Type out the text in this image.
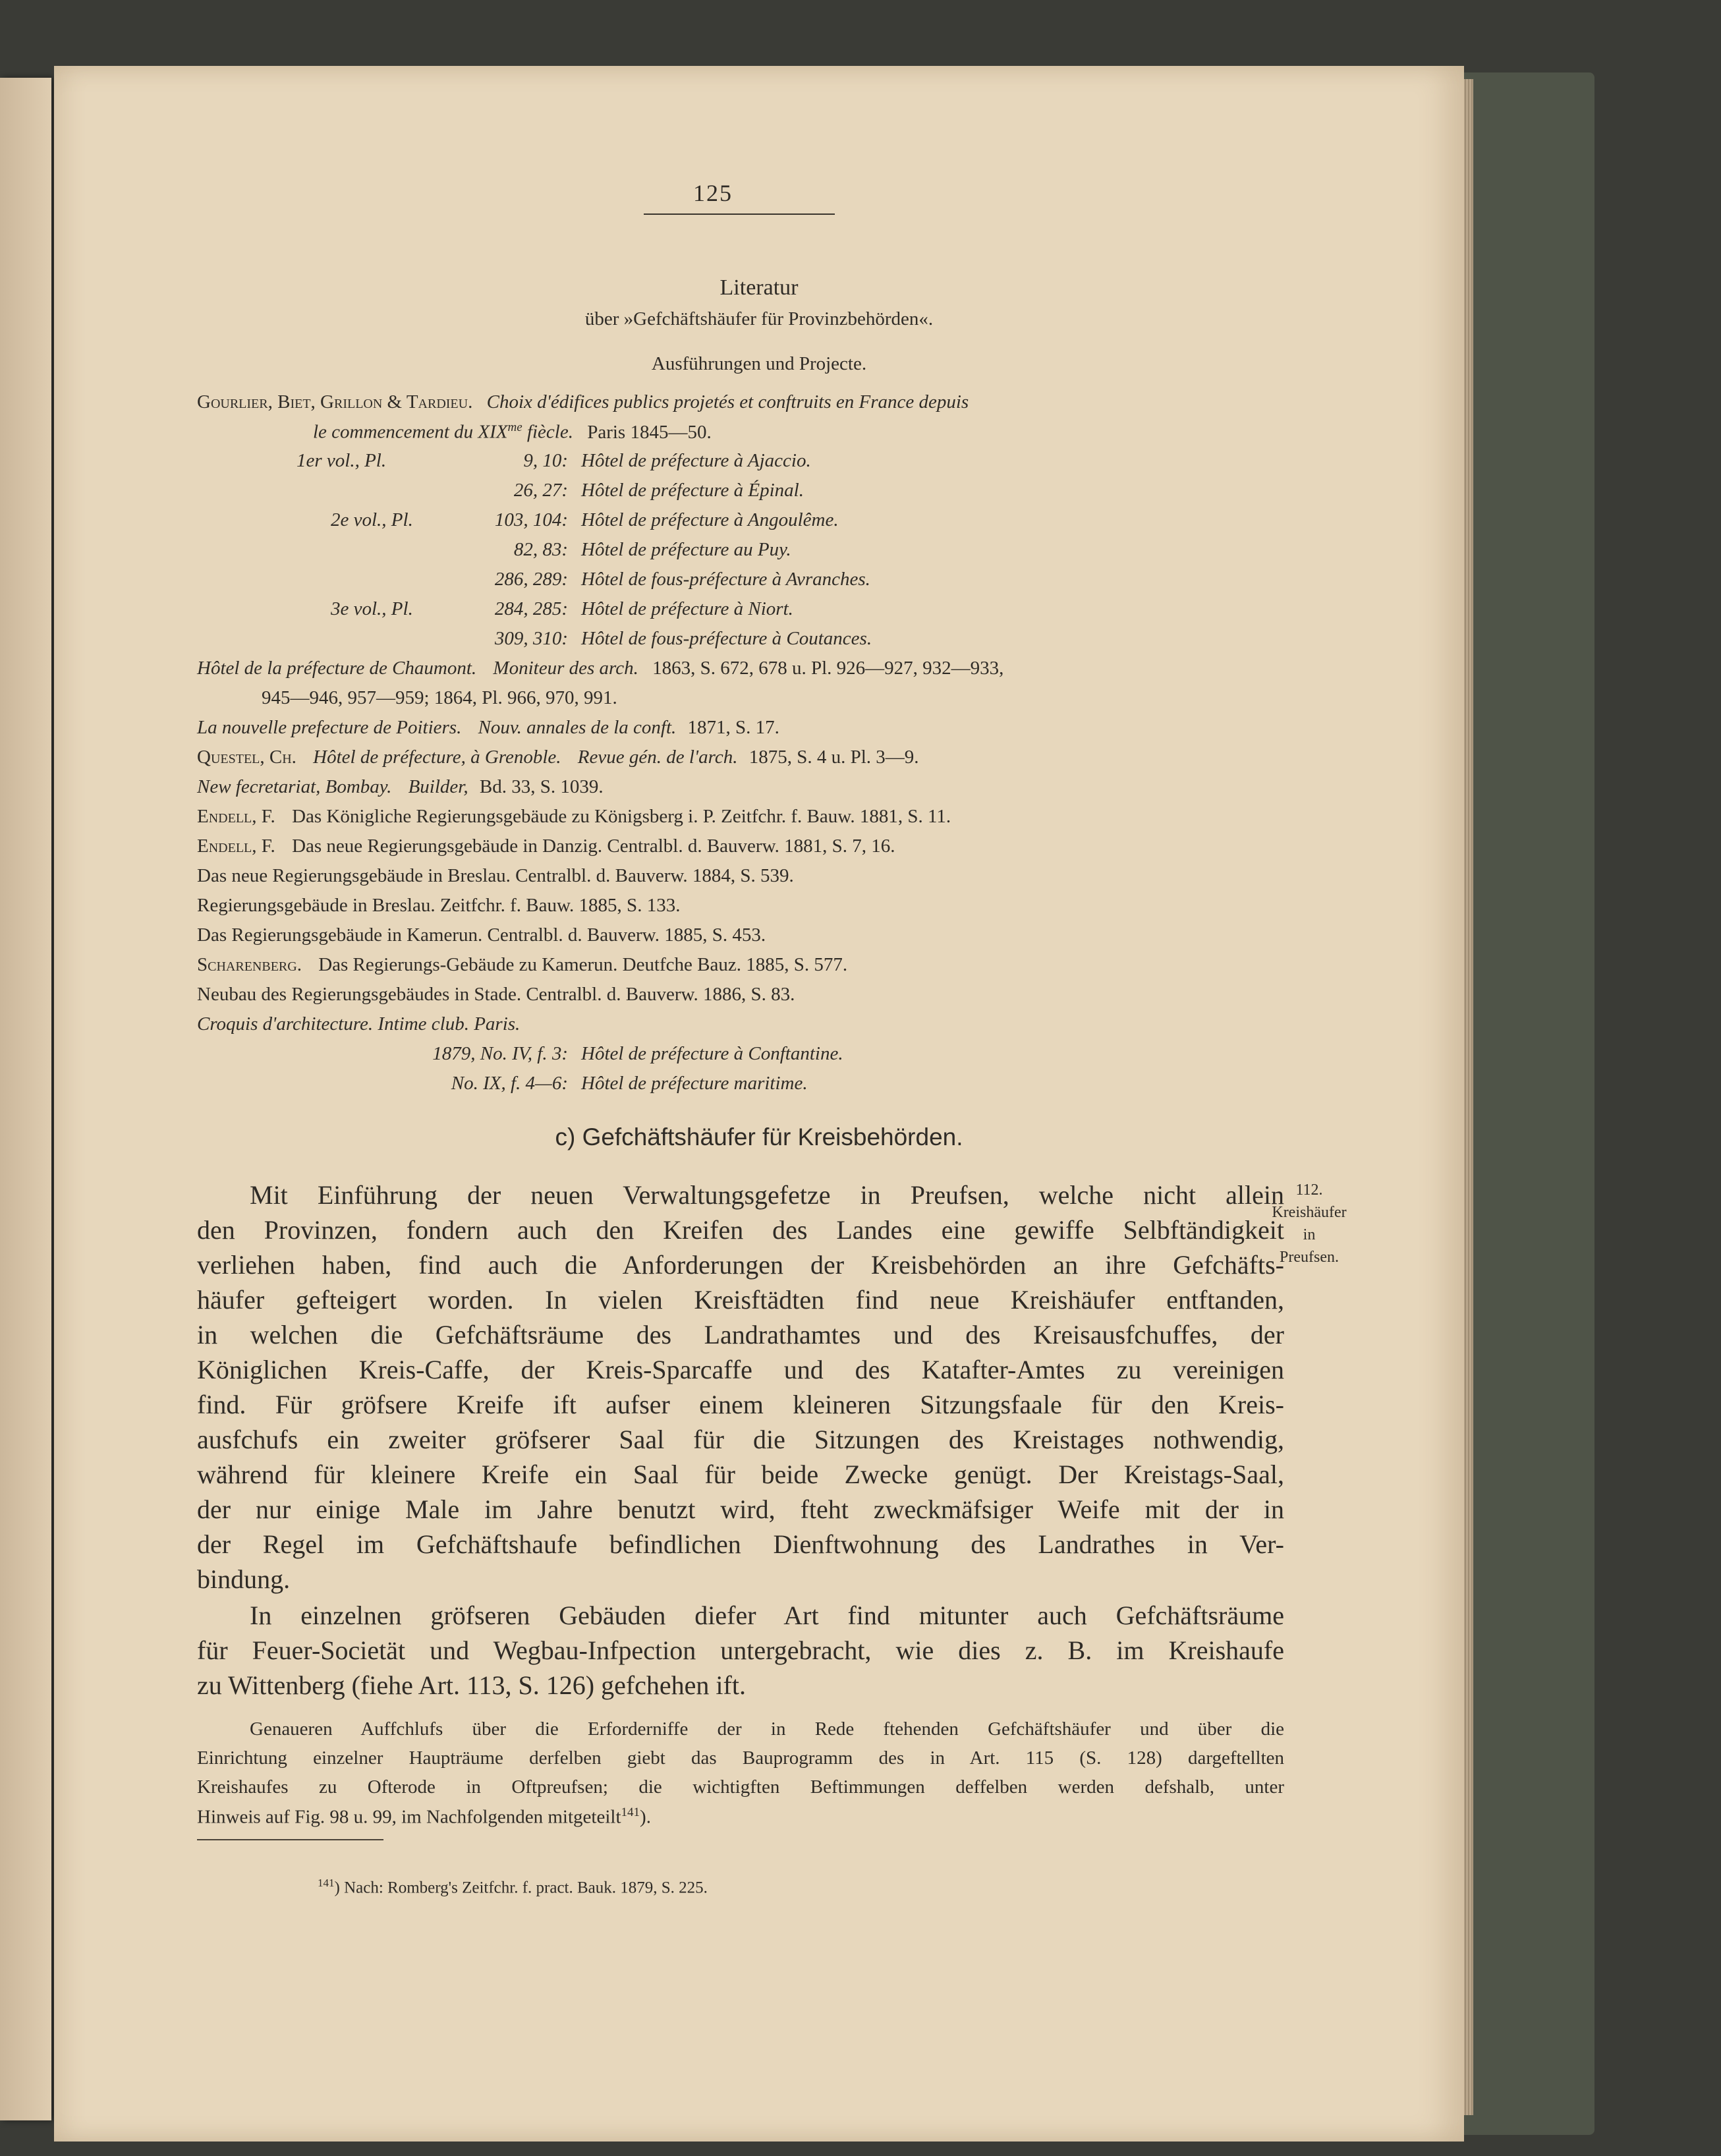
125
Literatur
über »Gefchäftshäufer für Provinzbehörden«.
Ausführungen und Projecte.
Gourlier, Biet, Grillon & Tardieu. Choix d'édifices publics projetés et conftruits en France depuis
le commencement du $XIX^{me}$ fiècle. Paris 1845—50.
1er vol., Pl.	9, 10: Hôtel de préfecture à Ajaccio.
26, 27: Hôtel de préfecture à Épinal.
2e vol., Pl.	103, 104: Hôtel de préfecture à Angoulême.
82, 83: Hôtel de préfecture au Puy.
286, 289: Hôtel de fous-préfecture à Avranches.
3e vol., Pl.	284, 285: Hôtel de préfecture à Niort.
309, 310: Hôtel de fous-préfecture à Coutances.
Hôtel de la préfecture de Chaumont. Moniteur des arch. 1863, S. 672, 678 u. Pl. 926—927, 932—933,
945—946, 957—959; 1864, Pl. 966, 970, 991.
La nouvelle prefecture de Poitiers. Nouv. annales de la conft. 1871, S. 17.
Questel, Ch. Hôtel de préfecture, à Grenoble. Revue gén. de l'arch. 1875, S. 4 u. Pl. 3—9.
New fecretariat, Bombay. Builder, Bd. 33, S. 1039.
Endell, F. Das Königliche Regierungsgebäude zu Königsberg i. P. Zeitfchr. f. Bauw. 1881, S. 11.
Endell, F. Das neue Regierungsgebäude in Danzig. Centralbl. d. Bauverw. 1881, S. 7, 16.
Das neue Regierungsgebäude in Breslau. Centralbl. d. Bauverw. 1884, S. 539.
Regierungsgebäude in Breslau. Zeitfchr. f. Bauw. 1885, S. 133.
Das Regierungsgebäude in Kamerun. Centralbl. d. Bauverw. 1885, S. 453.
Scharenberg. Das Regierungs-Gebäude zu Kamerun. Deutfche Bauz. 1885, S. 577.
Neubau des Regierungsgebäudes in Stade. Centralbl. d. Bauverw. 1886, S. 83.
Croquis d'architecture. Intime club. Paris.
1879, No. IV, f. 3: Hôtel de préfecture à Conftantine.
No. IX, f. 4—6: Hôtel de préfecture maritime.
c) Gefchäftshäufer für Kreisbehörden.
112.
Kreishäufer
in
Preufsen.
Mit Einführung der neuen Verwaltungsgefetze in Preufsen, welche nicht allein
den Provinzen, fondern auch den Kreifen des Landes eine gewiffe Selbftändigkeit
verliehen haben, find auch die Anforderungen der Kreisbehörden an ihre Gefchäfts-
häufer gefteigert worden. In vielen Kreisftädten find neue Kreishäufer entftanden,
in welchen die Gefchäftsräume des Landrathamtes und des Kreisausfchuffes, der
Königlichen Kreis-Caffe, der Kreis-Sparcaffe und des Katafter-Amtes zu vereinigen
find. Für gröfsere Kreife ift aufser einem kleineren Sitzungsfaale für den Kreis-
ausfchufs ein zweiter gröfserer Saal für die Sitzungen des Kreistages nothwendig,
während für kleinere Kreife ein Saal für beide Zwecke genügt. Der Kreistags-Saal,
der nur einige Male im Jahre benutzt wird, fteht zweckmäfsiger Weife mit der in
der Regel im Gefchäftshaufe befindlichen Dienftwohnung des Landrathes in Ver-
bindung.
In einzelnen gröfseren Gebäuden diefer Art find mitunter auch Gefchäftsräume
für Feuer-Societät und Wegbau-Infpection untergebracht, wie dies z. B. im Kreishaufe
zu Wittenberg (fiehe Art. 113, S. 126) gefchehen ift.
Genaueren Auffchlufs über die Erforderniffe der in Rede ftehenden Gefchäftshäufer und über die
Einrichtung einzelner Haupträume derfelben giebt das Bauprogramm des in Art. 115 (S. 128) dargeftellten
Kreishaufes zu Ofterode in Oftpreufsen; die wichtigften Beftimmungen deffelben werden defshalb, unter
Hinweis auf Fig. 98 u. 99, im Nachfolgenden mitgeteilt$^{141}$).
$^{141}$) Nach: Romberg's Zeitfchr. f. pract. Bauk. 1879, S. 225.
